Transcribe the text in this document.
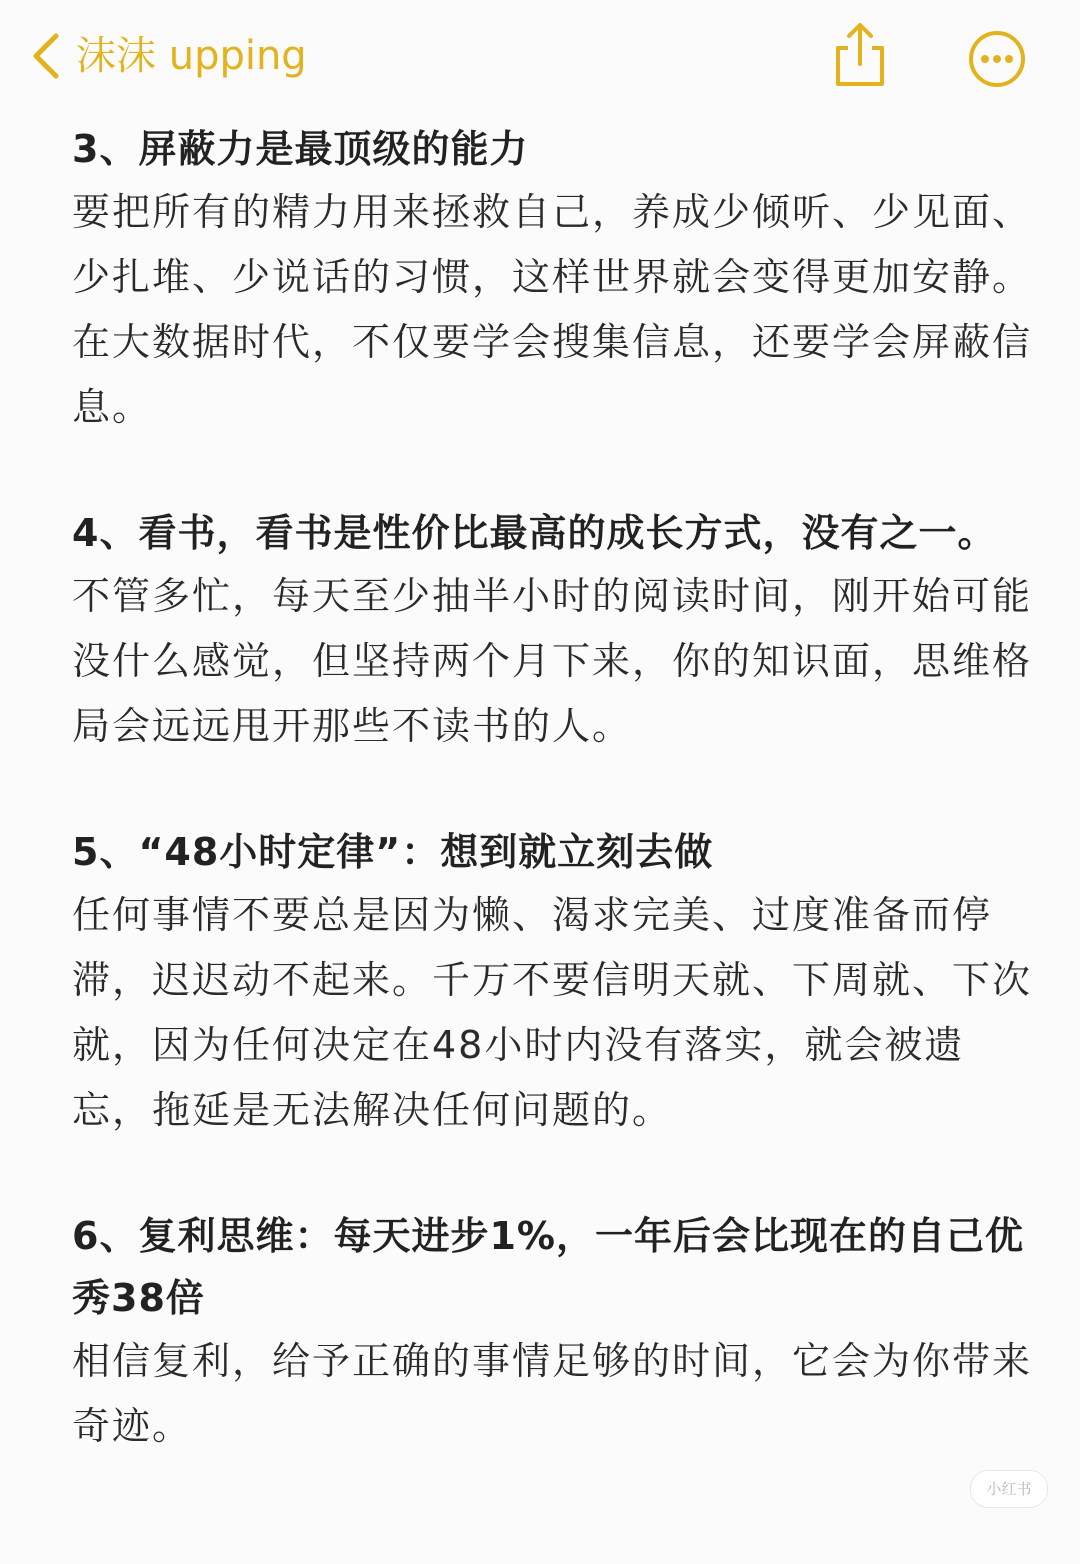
沫沫 upping

3、屏蔽力是最顶级的能力

要把所有的精力用来拯救自己，养成少倾听、少见面、少扎堆、少说话的习惯，这样世界就会变得更加安静。在大数据时代，不仅要学会搜集信息，还要学会屏蔽信息。

4、看书，看书是性价比最高的成长方式，没有之一。

不管多忙，每天至少抽半小时的阅读时间，刚开始可能没什么感觉，但坚持两个月下来，你的知识面，思维格局会远远甩开那些不读书的人。

5、“48小时定律”：想到就立刻去做

任何事情不要总是因为懒、渴求完美、过度准备而停滞，迟迟动不起来。千万不要信明天就、下周就、下次就，因为任何决定在48小时内没有落实，就会被遗忘，拖延是无法解决任何问题的。

6、复利思维：每天进步1%，一年后会比现在的自己优秀38倍

相信复利，给予正确的事情足够的时间，它会为你带来奇迹。

小红书
